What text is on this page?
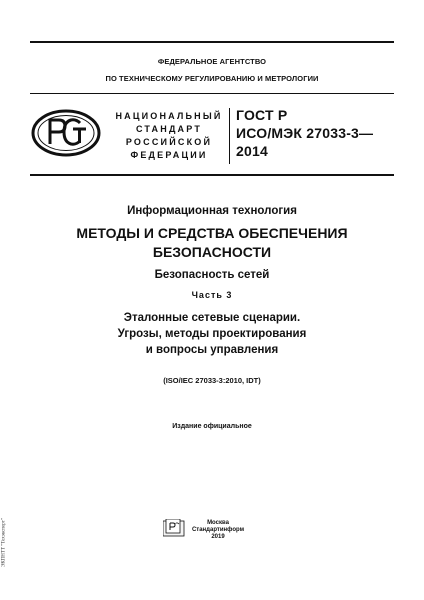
ФЕДЕРАЛЬНОЕ АГЕНТСТВО
ПО ТЕХНИЧЕСКОМУ РЕГУЛИРОВАНИЮ И МЕТРОЛОГИИ
НАЦИОНАЛЬНЫЙ
СТАНДАРТ
РОССИЙСКОЙ
ФЕДЕРАЦИИ
ГОСТ Р
ИСО/МЭК 27033-3—
2014
Информационная технология
МЕТОДЫ И СРЕДСТВА ОБЕСПЕЧЕНИЯ
БЕЗОПАСНОСТИ
Безопасность сетей
Часть 3
Эталонные сетевые сценарии.
Угрозы, методы проектирования
и вопросы управления
(ISO/IEC 27033-3:2010, IDT)
Издание официальное
Москва
Стандартинформ
2019
ЭКПНТТ "Техэксперт"
